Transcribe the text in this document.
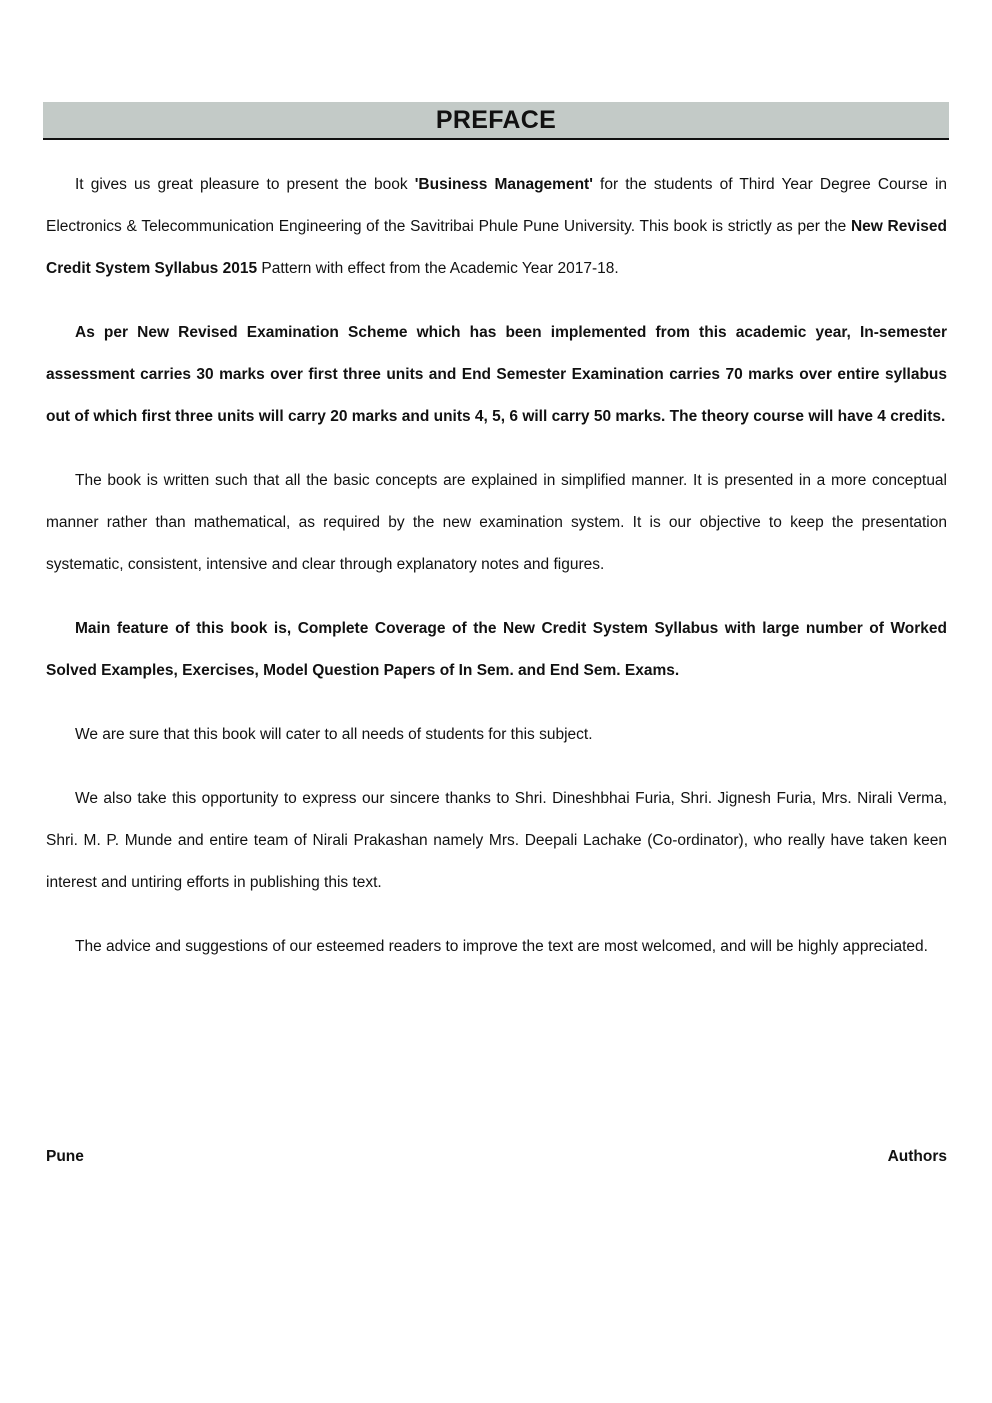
PREFACE

It gives us great pleasure to present the book 'Business Management' for the students of Third Year Degree Course in Electronics & Telecommunication Engineering of the Savitribai Phule Pune University. This book is strictly as per the New Revised Credit System Syllabus 2015 Pattern with effect from the Academic Year 2017-18.

As per New Revised Examination Scheme which has been implemented from this academic year, In-semester assessment carries 30 marks over first three units and End Semester Examination carries 70 marks over entire syllabus out of which first three units will carry 20 marks and units 4, 5, 6 will carry 50 marks. The theory course will have 4 credits.

The book is written such that all the basic concepts are explained in simplified manner. It is presented in a more conceptual manner rather than mathematical, as required by the new examination system. It is our objective to keep the presentation systematic, consistent, intensive and clear through explanatory notes and figures.

Main feature of this book is, Complete Coverage of the New Credit System Syllabus with large number of Worked Solved Examples, Exercises, Model Question Papers of In Sem. and End Sem. Exams.

We are sure that this book will cater to all needs of students for this subject.

We also take this opportunity to express our sincere thanks to Shri. Dineshbhai Furia, Shri. Jignesh Furia, Mrs. Nirali Verma, Shri. M. P. Munde and entire team of Nirali Prakashan namely Mrs. Deepali Lachake (Co-ordinator), who really have taken keen interest and untiring efforts in publishing this text.

The advice and suggestions of our esteemed readers to improve the text are most welcomed, and will be highly appreciated.

Pune	Authors
